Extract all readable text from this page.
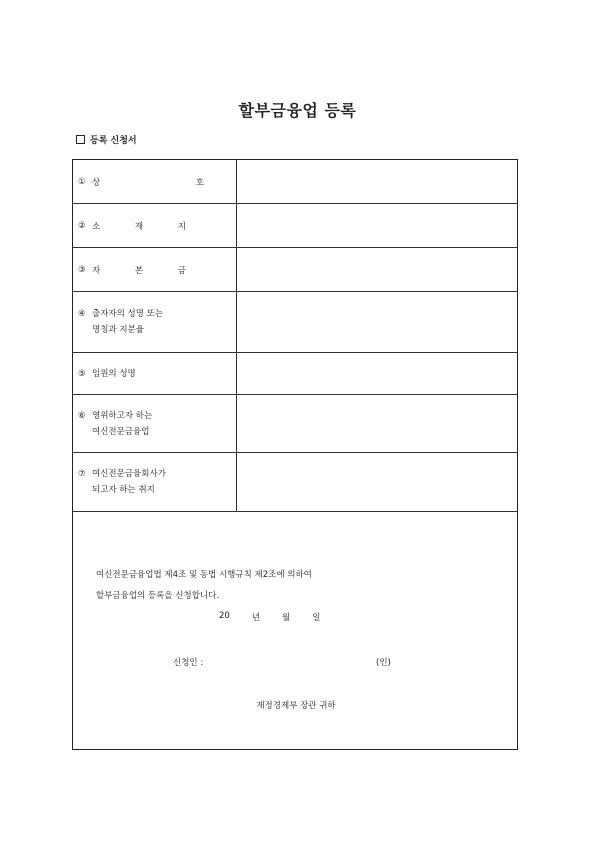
할부금융업 등록
등록 신청서
① 상	호
② 소	재	지
③ 자	본	금
④ 출자자의 성명 또는
명칭과 지분율
⑤ 임원의 성명
⑥ 영위하고자 하는
여신전문금융업
⑦ 여신전문금융회사가
되고자 하는 취지
여신전문금융업법 제4조 및 동법 시행규칙 제2조에 의하여
할부금융업의 등록을 신청합니다.
20	년	월	일
신청인 :	(인)
재정경제부 장관 귀하
